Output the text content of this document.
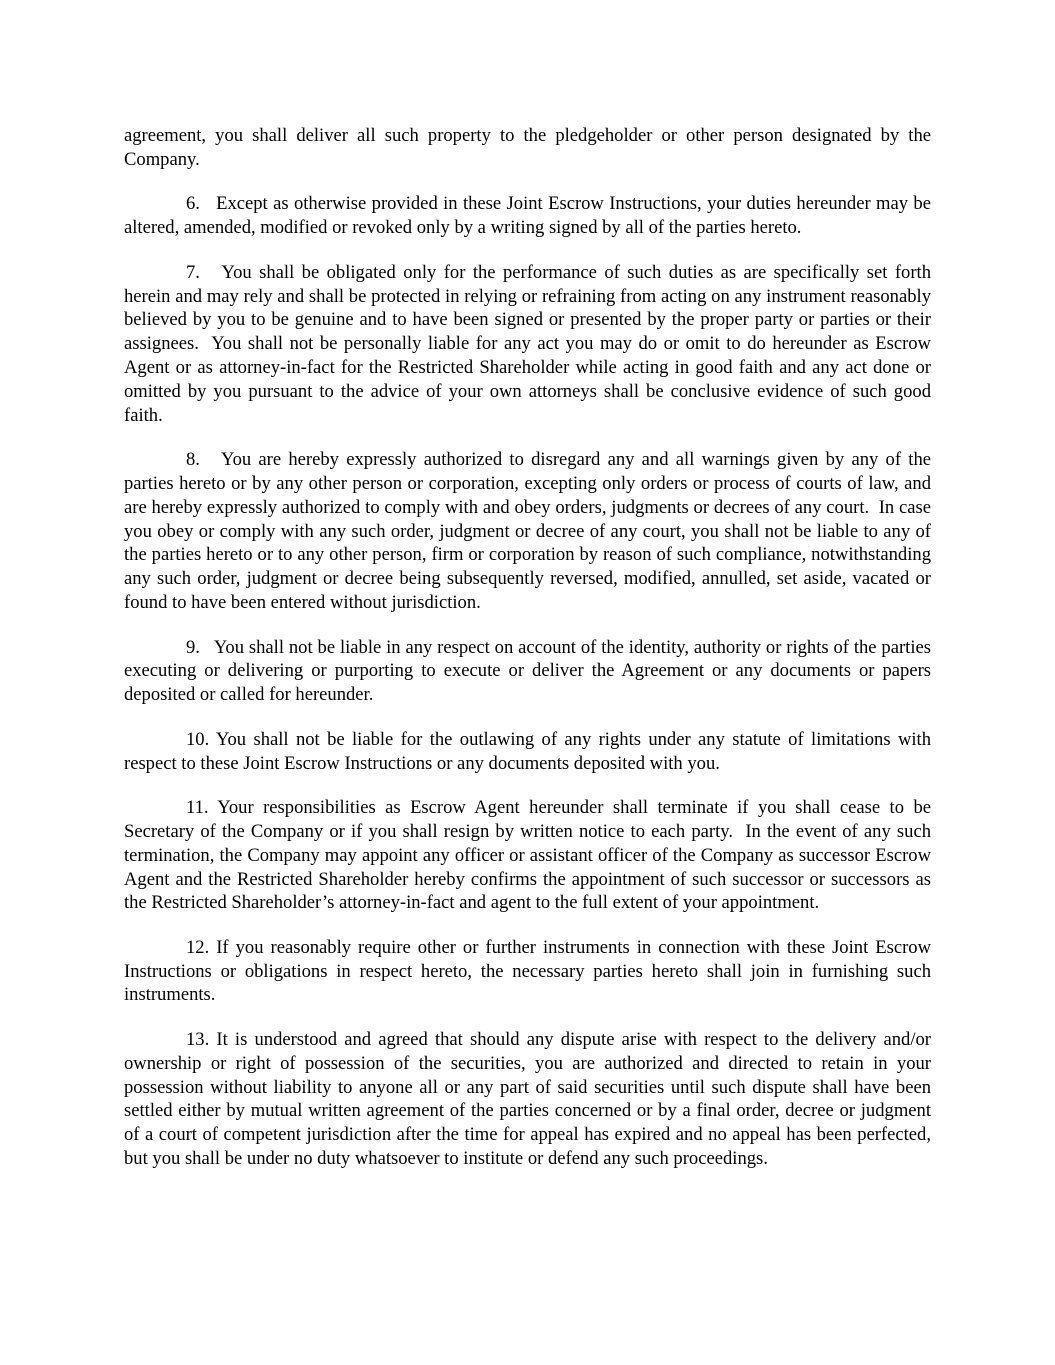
agreement, you shall deliver all such property to the pledgeholder or other person designated by the Company.

6.   Except as otherwise provided in these Joint Escrow Instructions, your duties hereunder may be altered, amended, modified or revoked only by a writing signed by all of the parties hereto.

7.   You shall be obligated only for the performance of such duties as are specifically set forth herein and may rely and shall be protected in relying or refraining from acting on any instrument reasonably believed by you to be genuine and to have been signed or presented by the proper party or parties or their assignees.  You shall not be personally liable for any act you may do or omit to do hereunder as Escrow Agent or as attorney-in-fact for the Restricted Shareholder while acting in good faith and any act done or omitted by you pursuant to the advice of your own attorneys shall be conclusive evidence of such good faith.

8.   You are hereby expressly authorized to disregard any and all warnings given by any of the parties hereto or by any other person or corporation, excepting only orders or process of courts of law, and are hereby expressly authorized to comply with and obey orders, judgments or decrees of any court.  In case you obey or comply with any such order, judgment or decree of any court, you shall not be liable to any of the parties hereto or to any other person, firm or corporation by reason of such compliance, notwithstanding any such order, judgment or decree being subsequently reversed, modified, annulled, set aside, vacated or found to have been entered without jurisdiction.

9.   You shall not be liable in any respect on account of the identity, authority or rights of the parties executing or delivering or purporting to execute or deliver the Agreement or any documents or papers deposited or called for hereunder.

10. You shall not be liable for the outlawing of any rights under any statute of limitations with respect to these Joint Escrow Instructions or any documents deposited with you.

11. Your responsibilities as Escrow Agent hereunder shall terminate if you shall cease to be Secretary of the Company or if you shall resign by written notice to each party.  In the event of any such termination, the Company may appoint any officer or assistant officer of the Company as successor Escrow Agent and the Restricted Shareholder hereby confirms the appointment of such successor or successors as the Restricted Shareholder’s attorney-in-fact and agent to the full extent of your appointment.

12. If you reasonably require other or further instruments in connection with these Joint Escrow Instructions or obligations in respect hereto, the necessary parties hereto shall join in furnishing such instruments.

13. It is understood and agreed that should any dispute arise with respect to the delivery and/or ownership or right of possession of the securities, you are authorized and directed to retain in your possession without liability to anyone all or any part of said securities until such dispute shall have been settled either by mutual written agreement of the parties concerned or by a final order, decree or judgment of a court of competent jurisdiction after the time for appeal has expired and no appeal has been perfected, but you shall be under no duty whatsoever to institute or defend any such proceedings.
